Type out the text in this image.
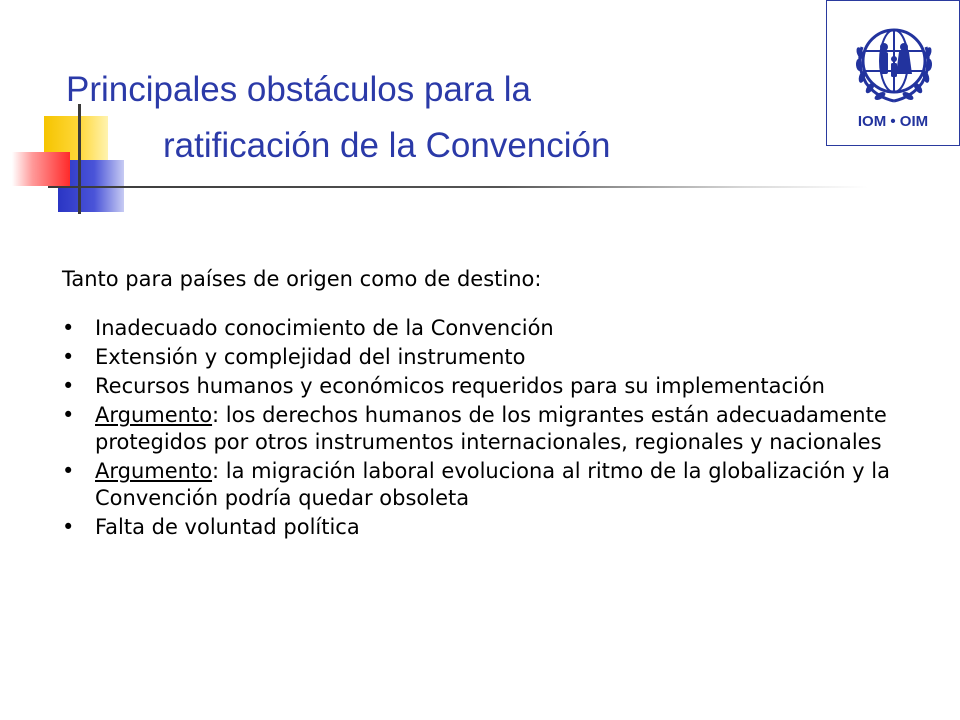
Principales obstáculos para la
ratificación de la Convención
IOM • OIM

Tanto para países de origen como de destino:

• Inadecuado conocimiento de la Convención
• Extensión y complejidad del instrumento
• Recursos humanos y económicos requeridos para su implementación
• Argumento: los derechos humanos de los migrantes están adecuadamente protegidos por otros instrumentos internacionales, regionales y nacionales
• Argumento: la migración laboral evoluciona al ritmo de la globalización y la Convención podría quedar obsoleta
• Falta de voluntad política
